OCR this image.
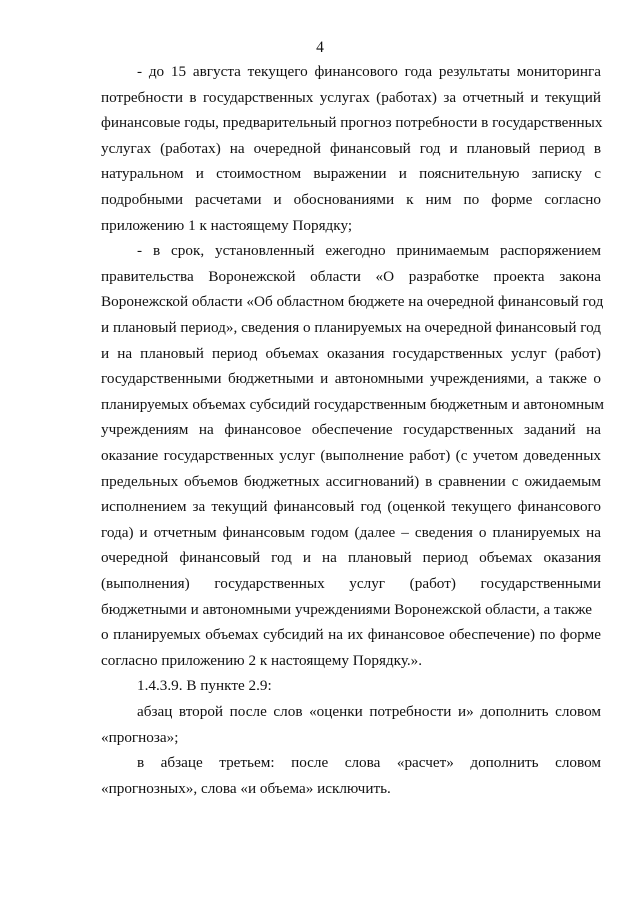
4
- до 15 августа текущего финансового года результаты мониторинга
потребности в государственных услугах (работах) за отчетный и текущий
финансовые годы, предварительный прогноз потребности в государственных
услугах (работах) на очередной финансовый год и плановый период в
натуральном и стоимостном выражении и пояснительную записку с
подробными расчетами и обоснованиями к ним по форме согласно
приложению 1 к настоящему Порядку;
- в срок, установленный ежегодно принимаемым распоряжением
правительства Воронежской области «О разработке проекта закона
Воронежской области «Об областном бюджете на очередной финансовый год
и плановый период», сведения о планируемых на очередной финансовый год
и на плановый период объемах оказания государственных услуг (работ)
государственными бюджетными и автономными учреждениями, а также о
планируемых объемах субсидий государственным бюджетным и автономным
учреждениям на финансовое обеспечение государственных заданий на
оказание государственных услуг (выполнение работ) (с учетом доведенных
предельных объемов бюджетных ассигнований) в сравнении с ожидаемым
исполнением за текущий финансовый год (оценкой текущего финансового
года) и отчетным финансовым годом (далее – сведения о планируемых на
очередной финансовый год и на плановый период объемах оказания
(выполнения) государственных услуг (работ) государственными
бюджетными и автономными учреждениями Воронежской области, а также
о планируемых объемах субсидий на их финансовое обеспечение) по форме
согласно приложению 2 к настоящему Порядку.».
1.4.3.9. В пункте 2.9:
абзац второй после слов «оценки потребности и» дополнить словом
«прогноза»;
в абзаце третьем: после слова «расчет» дополнить словом
«прогнозных», слова «и объема» исключить.
